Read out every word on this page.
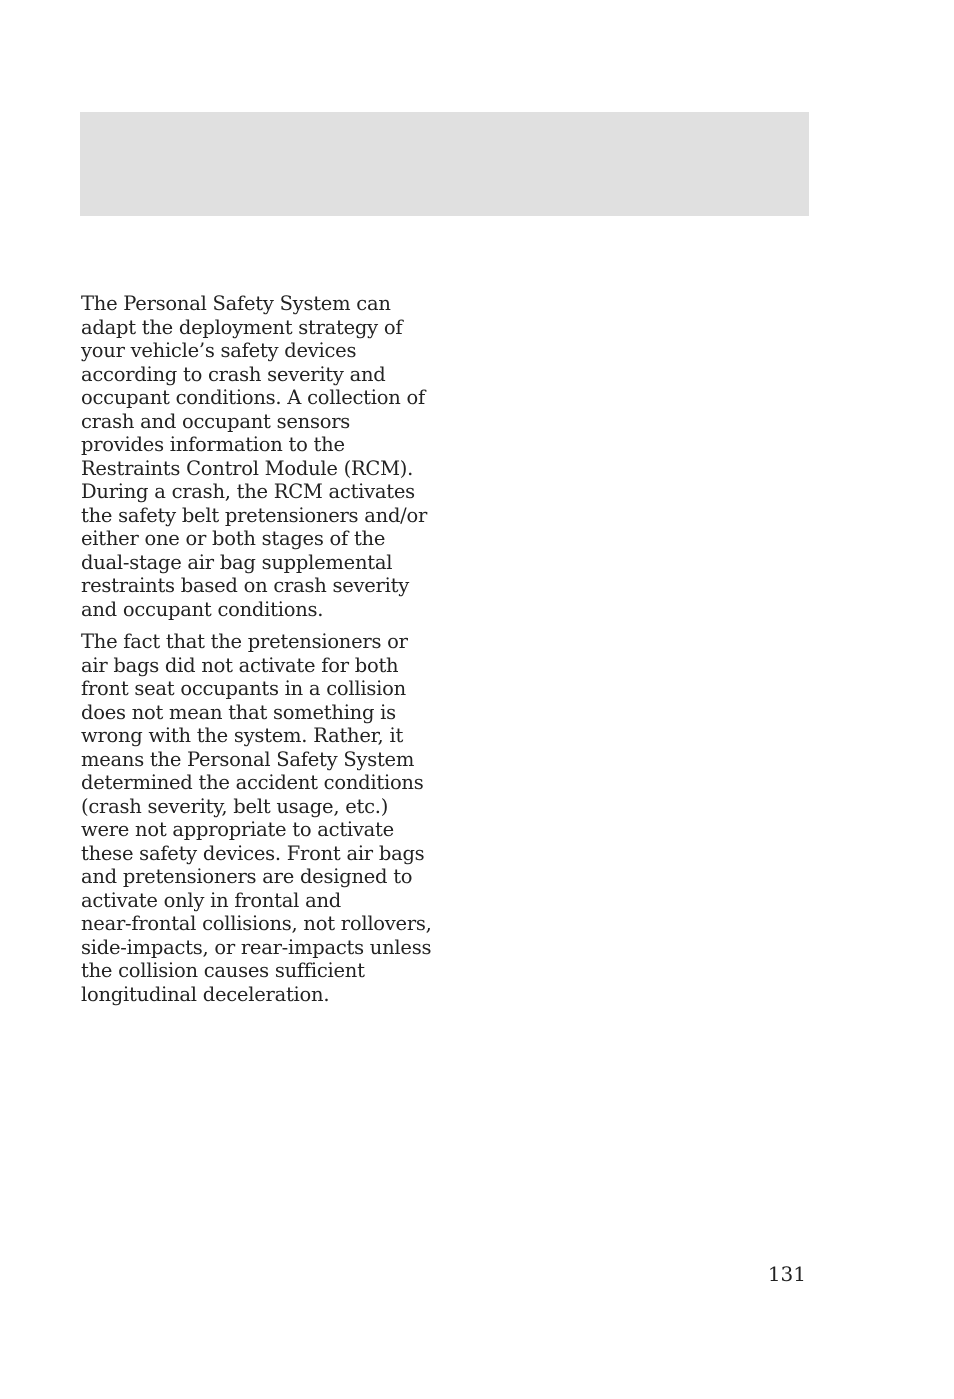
The Personal Safety System can
adapt the deployment strategy of
your vehicle’s safety devices
according to crash severity and
occupant conditions. A collection of
crash and occupant sensors
provides information to the
Restraints Control Module (RCM).
During a crash, the RCM activates
the safety belt pretensioners and/or
either one or both stages of the
dual-stage air bag supplemental
restraints based on crash severity
and occupant conditions.

The fact that the pretensioners or
air bags did not activate for both
front seat occupants in a collision
does not mean that something is
wrong with the system. Rather, it
means the Personal Safety System
determined the accident conditions
(crash severity, belt usage, etc.)
were not appropriate to activate
these safety devices. Front air bags
and pretensioners are designed to
activate only in frontal and
near-frontal collisions, not rollovers,
side-impacts, or rear-impacts unless
the collision causes sufficient
longitudinal deceleration.

131
